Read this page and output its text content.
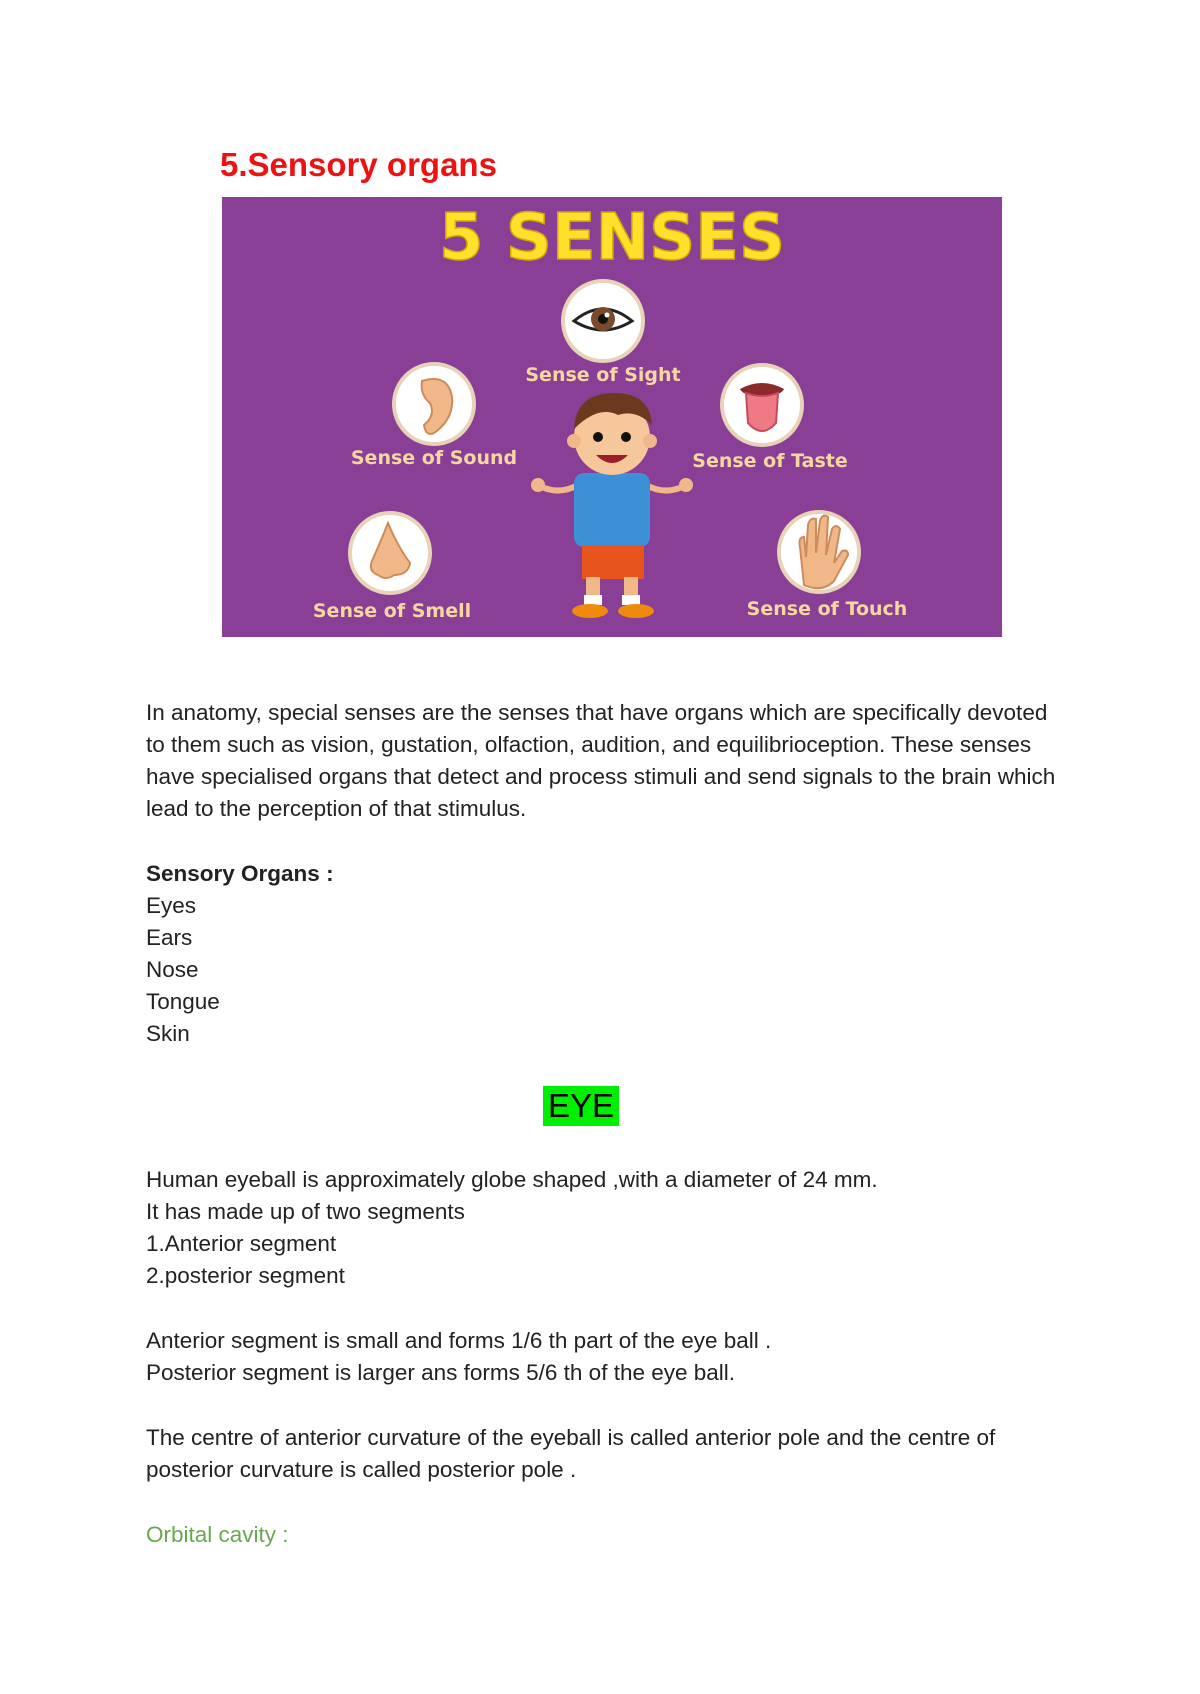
5.Sensory organs
5 SENSES
Sense of Sight
Sense of Sound	Sense of Taste
Sense of Smell	Sense of Touch

In anatomy, special senses are the senses that have organs which are specifically devoted to them such as vision, gustation, olfaction, audition, and equilibrioception. These senses have specialised organs that detect and process stimuli and send signals to the brain which lead to the perception of that stimulus.

Sensory Organs :
Eyes
Ears
Nose
Tongue
Skin
EYE
Human eyeball is approximately globe shaped ,with a diameter of 24 mm.
It has made up of two segments
1.Anterior segment
2.posterior segment
Anterior segment is small and forms 1/6 th part of the eye ball .
Posterior segment is larger ans forms 5/6 th of the eye ball.

The centre of anterior curvature of the eyeball is called anterior pole and the centre of posterior curvature is called posterior pole .

Orbital cavity :
